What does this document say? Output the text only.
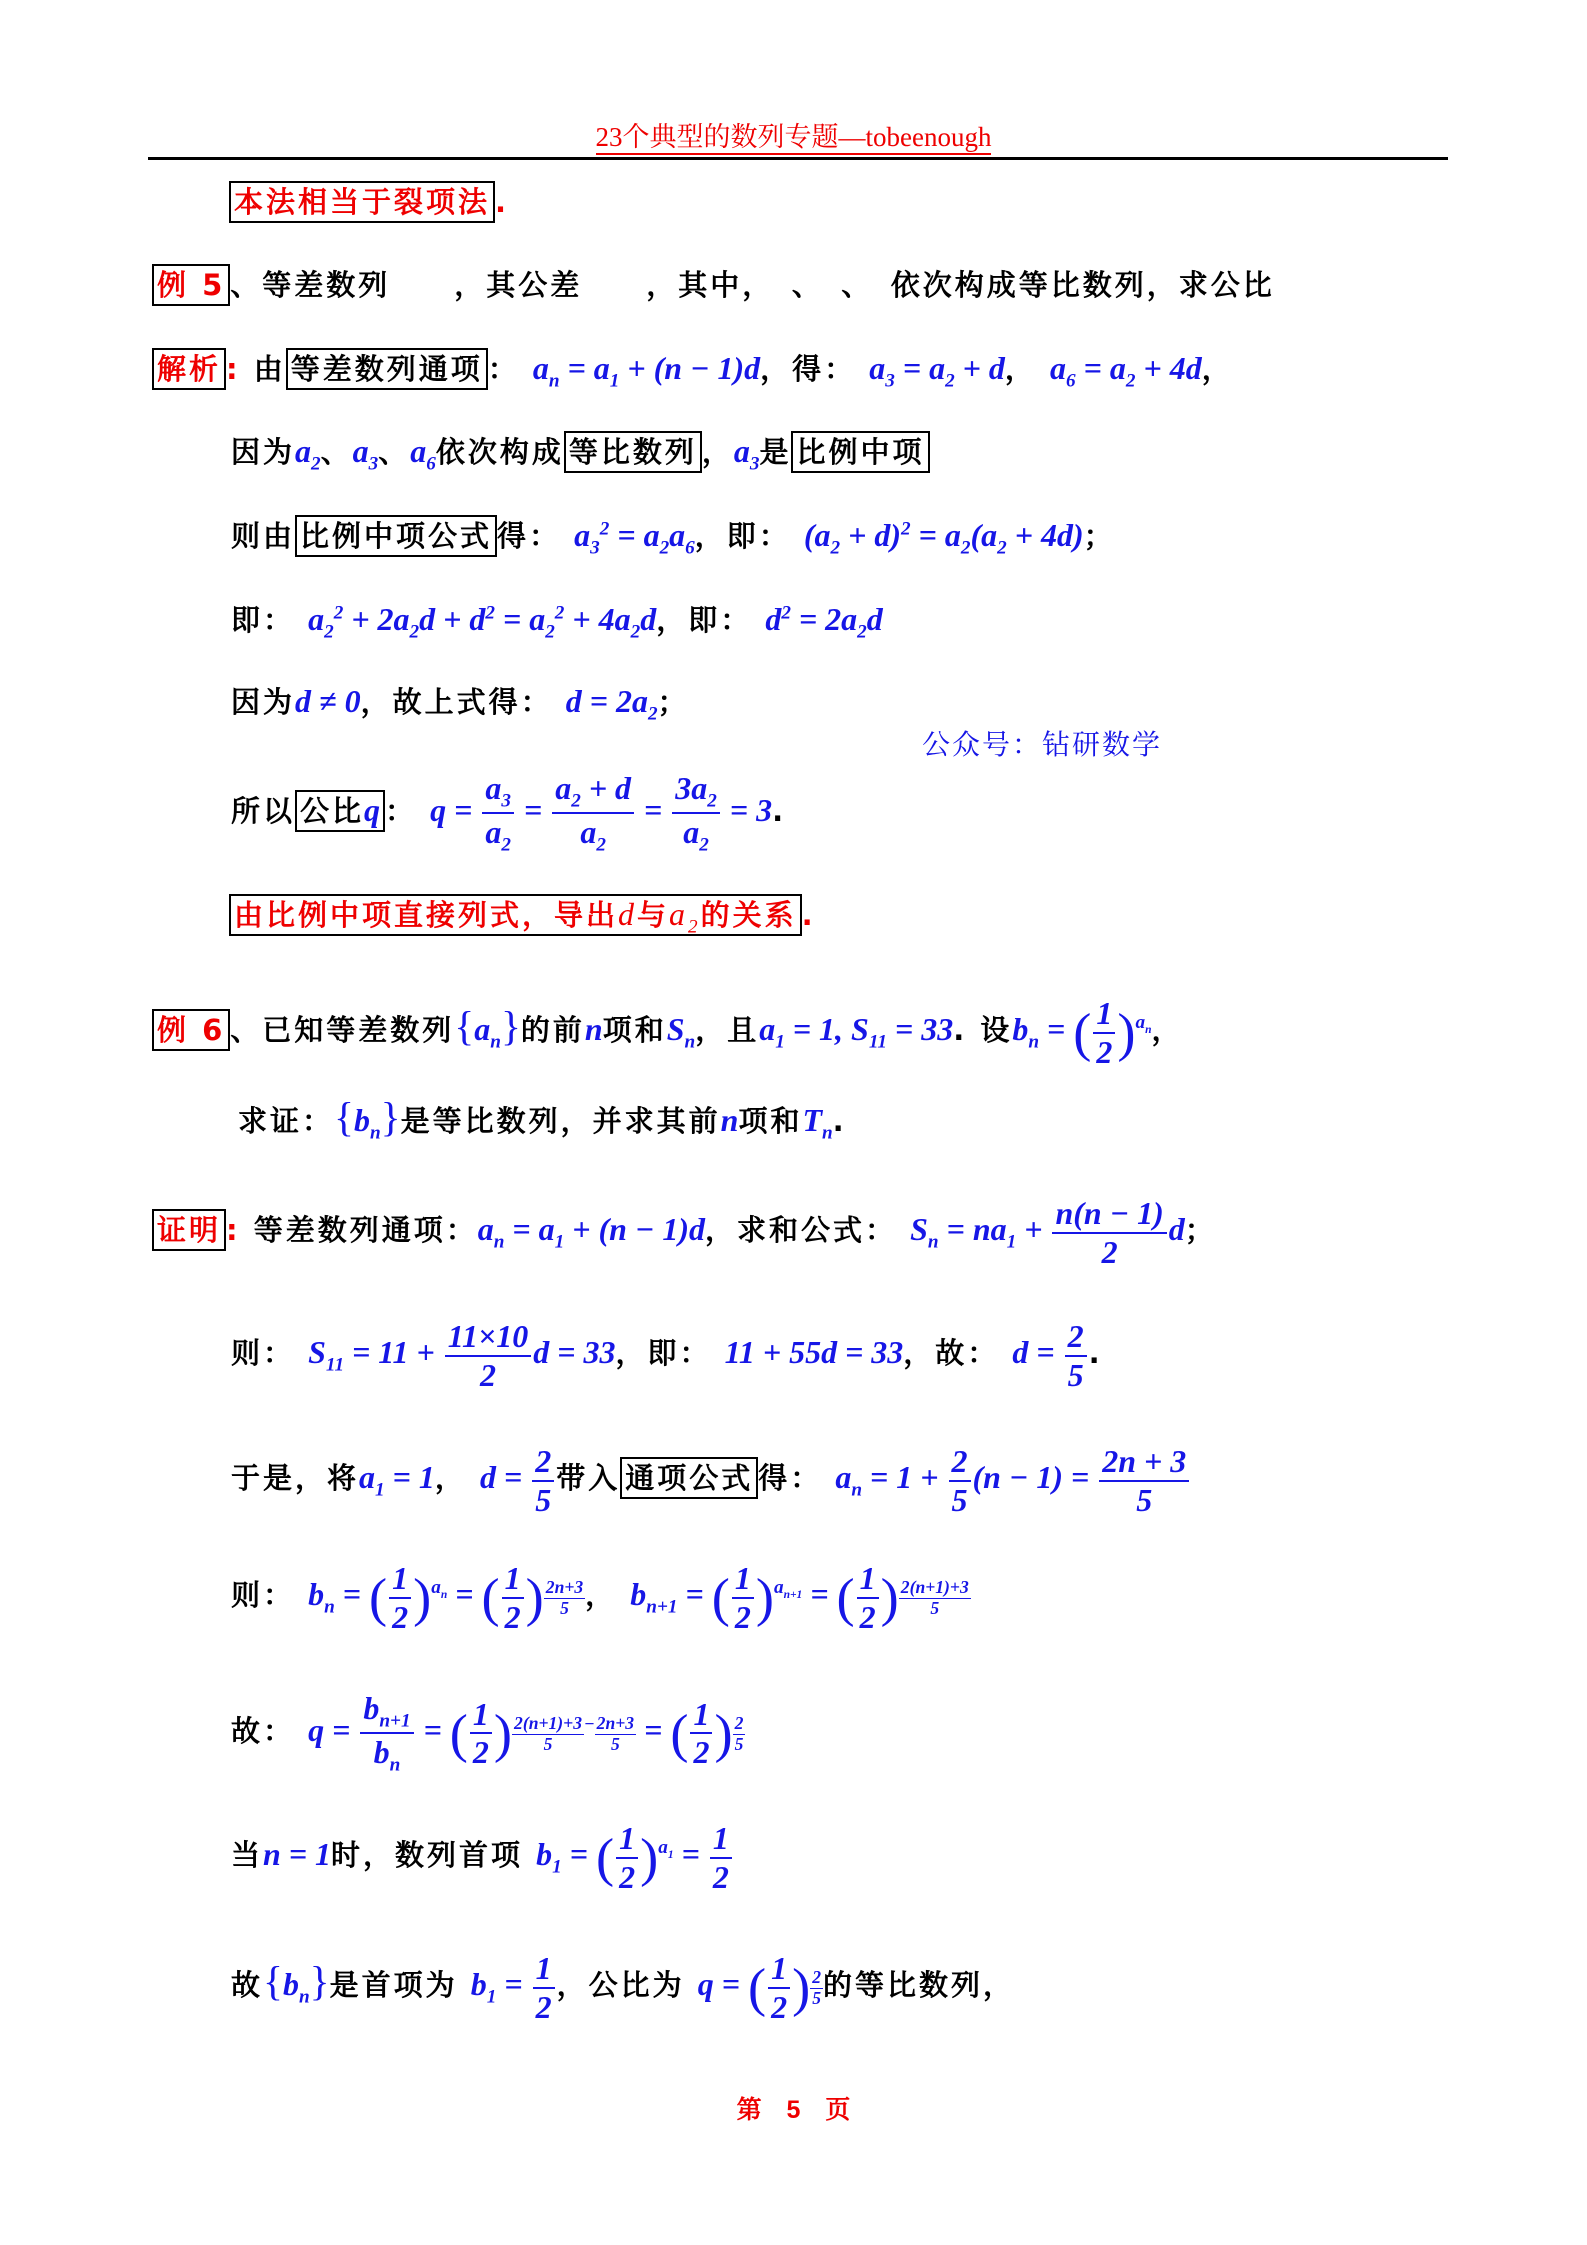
23个典型的数列专题—tobeenough
本法相当于裂项法 .
例 5 、等差数列　　，其公差　　，其中，　、　、　依次构成等比数列，求公比
解析 : 由 等差数列通项 ： $a_n = a_1 + (n - 1)d$，得： $a_3 = a_2 + d$， $a_6 = a_2 + 4d$，
因为$a_2$、$a_3$、$a_6$依次构成 等比数列 ，$a_3$是 比例中项
则由 比例中项公式 得： $a_3^2 = a_2a_6$，即： $(a_2 + d)^2 = a_2(a_2 + 4d)$；
即： $a_2^2 + 2a_2d + d^2 = a_2^2 + 4a_2d$，即： $d^2 = 2a_2d$
因为d ≠ 0，故上式得： $d = 2a_2$；
公众号：钻研数学
所以 公比q ： $q = \frac{a_3}{a_2} = \frac{a_2 + d}{a_2} = \frac{3a_2}{a_2} = 3$.
由比例中项直接列式，导出d与$a_2$的关系 .
例 6 、已知等差数列$\{a_n\}$的前n项和$S_n$，且$a_1 = 1$, $S_{11} = 33$. 设$b_n$ = ( $\frac{1}{2} )^{a_n}$，
求证：$\{b_n\}$是等比数列，并求其前n项和$T_n$.
证明 : 等差数列通项：$a_n = a_1 + (n - 1)d$，求和公式： $S_n = na_1 + \frac{n(n - 1)}{2}$ d；
则： $S_{11} = 11 + \frac{11\times 10}{2}$ d = 33，即： 11 + 55d = 33，故： $d = \frac{2}{5}$ .
于是，将$a_1 = 1$， $d = \frac{2}{5}$ 带入 通项公式 得： $a_n = 1 + \frac{2}{5} (n - 1) = \frac{2n + 3}{5}$
则： $b_n$ = ( $\frac{1}{2} )^{a_n}$ = ( $\frac{1}{2}$ ) $\frac{2n+3}{5}$ ， $b_{n+1}$ = ( $\frac{1}{2} )^{a_{n+1}}$ = ( $\frac{1}{2}$ ) $\frac{2(n+1)+3}{5}$
故： $q = \frac{b_{n+1}}{b_n}$ = ( $\frac{1}{2}$ ) $\frac{2(n+1)+3}{5} ^- \frac{2n+3}{5}$ = ( $\frac{1}{2}$ ) $\frac{2}{5}$
当n = 1时，数列首项 $b_1$ = ( $\frac{1}{2} )^{a_1} = \frac{1}{2}$
故$\{b_n\}$是首项为 $b_1 = \frac{1}{2}$ ，公比为 q = ( $\frac{1}{2}$ ) $\frac{2}{5}$ 的等比数列，
第 5 页
